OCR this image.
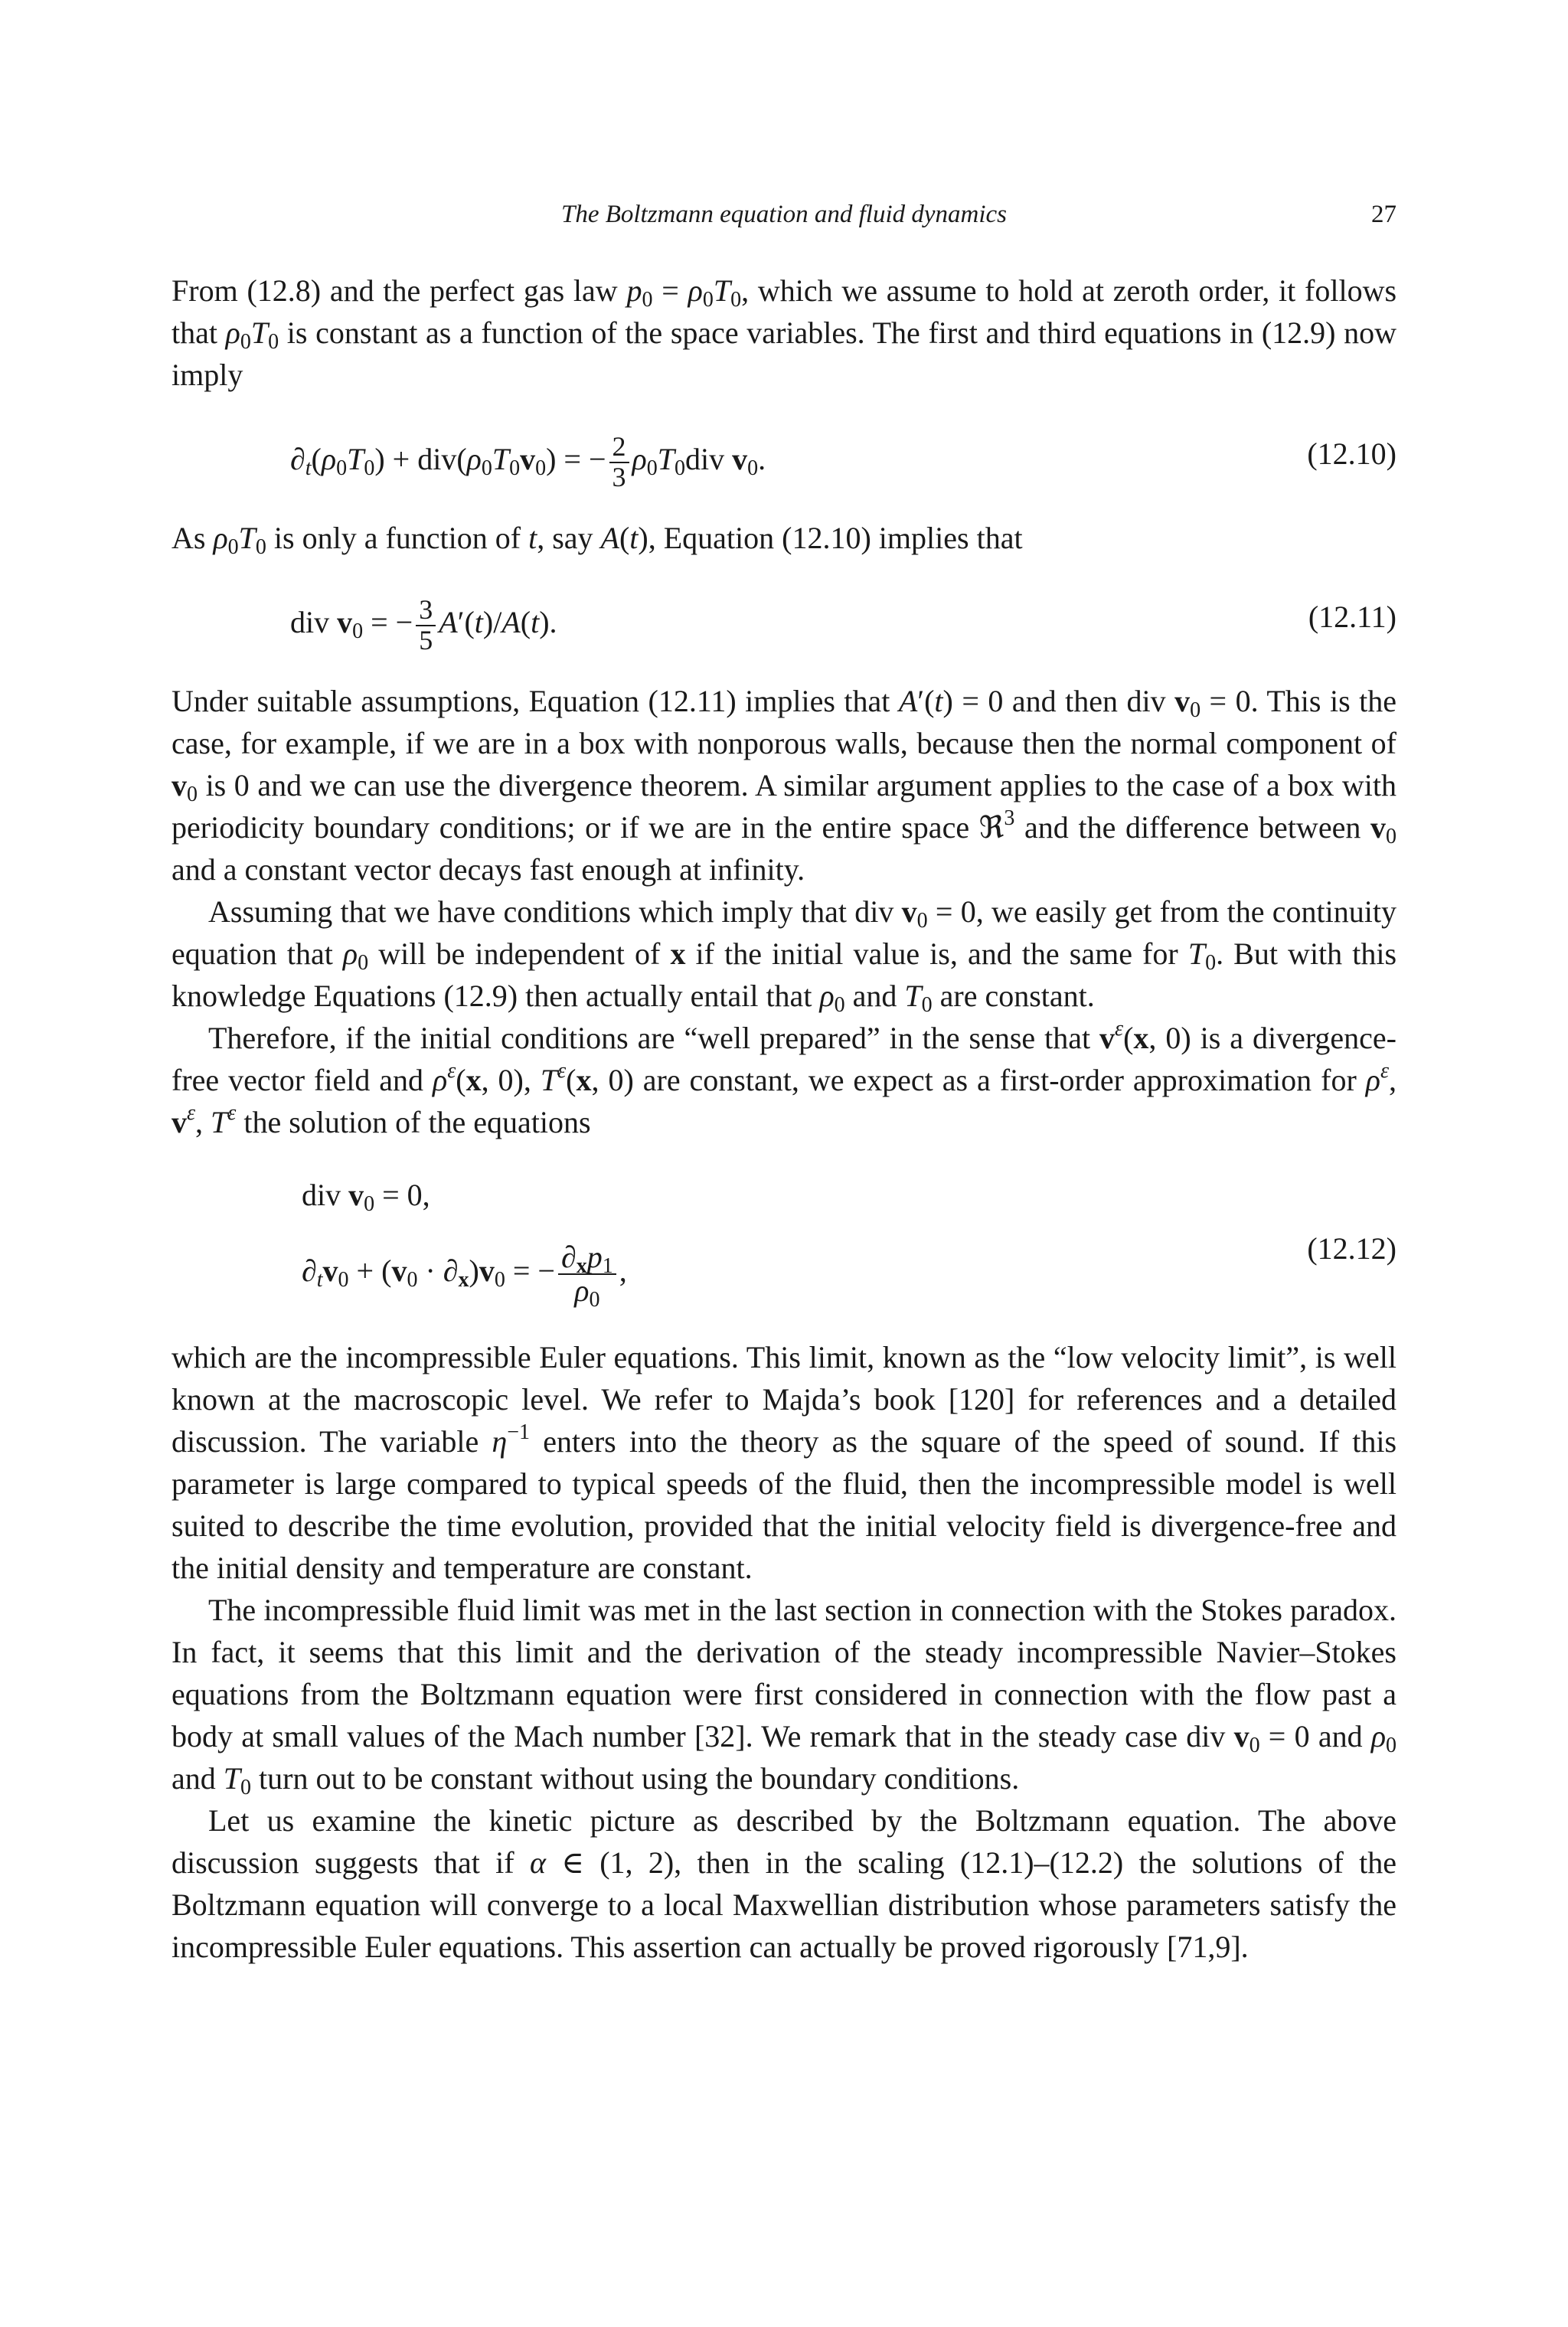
The Boltzmann equation and fluid dynamics	27

From (12.8) and the perfect gas law $p_0 = \rho_0T_0$, which we assume to hold at zeroth order, it follows that $\rho_0T_0$ is constant as a function of the space variables. The first and third equations in (12.9) now imply

$\partial_t(\rho_0T_0) + div(\rho_0T_0v_0)$ = − $\frac{2}{3} \rho_0T_0div$ $v_0$.	(12.10)

As $\rho_0T_0$ is only a function of t, say A(t), Equation (12.10) implies that

div $v_0$ = − $\frac{3}{5} A'(t)/A(t)$.	(12.11)

Under suitable assumptions, Equation (12.11) implies that A′(t) = 0 and then div $v_0 = 0$. This is the case, for example, if we are in a box with nonporous walls, because then the normal component of $v_0$ is 0 and we can use the divergence theorem. A similar argument applies to the case of a box with periodicity boundary conditions; or if we are in the entire space ℜ$^3$ and the difference between $v_0$ and a constant vector decays fast enough at infinity.

Assuming that we have conditions which imply that div $v_0 = 0$, we easily get from the continuity equation that $\rho_0$ will be independent of x if the initial value is, and the same for $T_0$. But with this knowledge Equations (12.9) then actually entail that $\rho_0$ and $T_0$ are constant.

Therefore, if the initial conditions are “well prepared” in the sense that $v^\varepsilon(x$, 0) is a divergence-free vector field and $\rho^\varepsilon(x$, 0), $T^\varepsilon(x$, 0) are constant, we expect as a first-order approximation for $\rho^\varepsilon$, $v^\varepsilon$, $T^\varepsilon$ the solution of the equations

div $v_0 = 0$,
$\partial_tv_0 + (v_0 \cdot \partial_x)v_0$ = − $\frac{\partial_xp_1}{\rho_0}$ ,
(12.12)

which are the incompressible Euler equations. This limit, known as the “low velocity limit”, is well known at the macroscopic level. We refer to Majda’s book [120] for references and a detailed discussion. The variable $\eta^{-1}$ enters into the theory as the square of the speed of sound. If this parameter is large compared to typical speeds of the fluid, then the incompressible model is well suited to describe the time evolution, provided that the initial velocity field is divergence-free and the initial density and temperature are constant.

The incompressible fluid limit was met in the last section in connection with the Stokes paradox. In fact, it seems that this limit and the derivation of the steady incompressible Navier–Stokes equations from the Boltzmann equation were first considered in connection with the flow past a body at small values of the Mach number [32]. We remark that in the steady case div $v_0 = 0$ and $\rho_0$ and $T_0$ turn out to be constant without using the boundary conditions.

Let us examine the kinetic picture as described by the Boltzmann equation. The above discussion suggests that if α ∈ (1, 2), then in the scaling (12.1)–(12.2) the solutions of the Boltzmann equation will converge to a local Maxwellian distribution whose parameters satisfy the incompressible Euler equations. This assertion can actually be proved rigorously [71,9].
